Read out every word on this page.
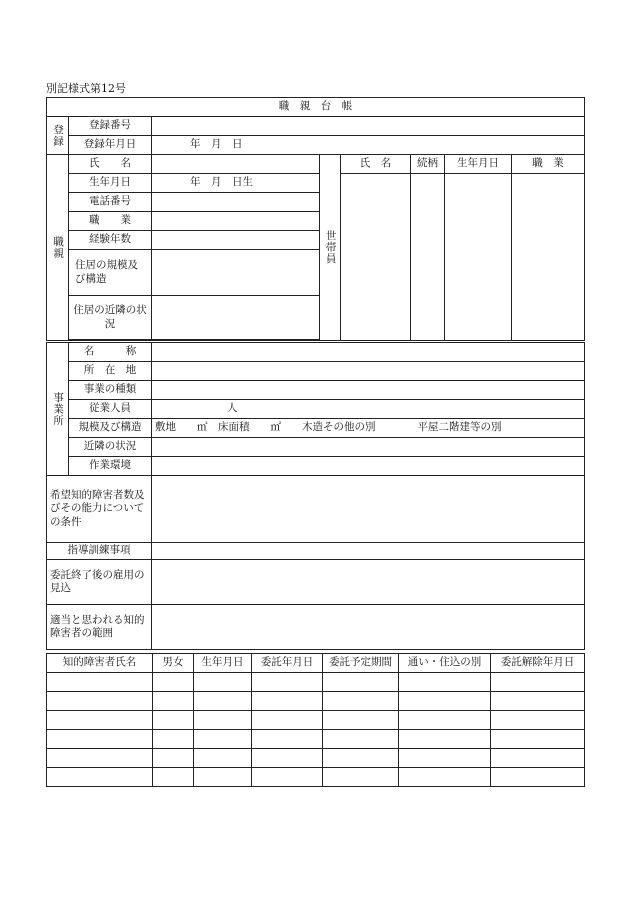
別記様式第12号
職　親　台　帳							
登録	登録番号						
	登録年月日	年　月　日					
職親	氏　　名		世帯員	氏　名	続柄	生年月日	職　業
	生年月日	年　月　日生					
	電話番号						
	職　　業						
	経験年数						
	住居の規模及び構造						
	住居の近隣の状況						

事業所	名　　　称	
	所　在　地	
	事業の種類	
	従業人員	人
	規模及び構造	敷地　　㎡　床面積　　㎡　　木造その他の別　　　　平屋二階建等の別
	近隣の状況	
	作業環境	
希望知的障害者数及びその能力についての条件		
指導訓練事項		
委託終了後の雇用の見込		
適当と思われる知的障害者の範囲		
知的障害者氏名	男女	生年月日	委託年月日	委託予定期間	通い・住込の別	委託解除年月日
